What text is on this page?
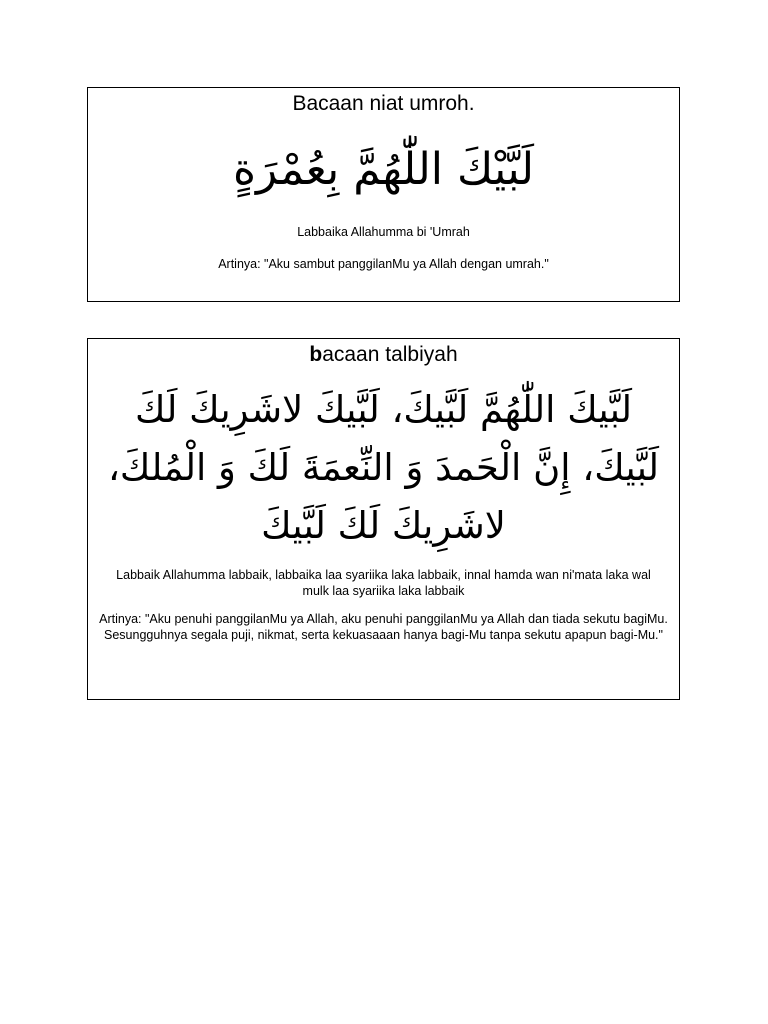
Bacaan niat umroh.

لَبَّيْكَ اللّٰهُمَّ بِعُمْرَةٍ

Labbaika Allahumma bi 'Umrah

Artinya: "Aku sambut panggilanMu ya Allah dengan umrah."

bacaan talbiyah

لَبَّيكَ اللّٰهُمَّ لَبَّيكَ، لَبَّيكَ لاشَرِيكَ لَكَ لَبَّيكَ، إِنَّ الْحَمدَ وَ النِّعمَةَ لَكَ وَ الْمُلكَ، لاشَرِيكَ لَكَ لَبَّيكَ

Labbaik Allahumma labbaik, labbaika laa syariika laka labbaik, innal hamda wan ni'mata laka wal mulk laa syariika laka labbaik

Artinya: "Aku penuhi panggilanMu ya Allah, aku penuhi panggilanMu ya Allah dan tiada sekutu bagiMu. Sesungguhnya segala puji, nikmat, serta kekuasaaan hanya bagi-Mu tanpa sekutu apapun bagi-Mu."
